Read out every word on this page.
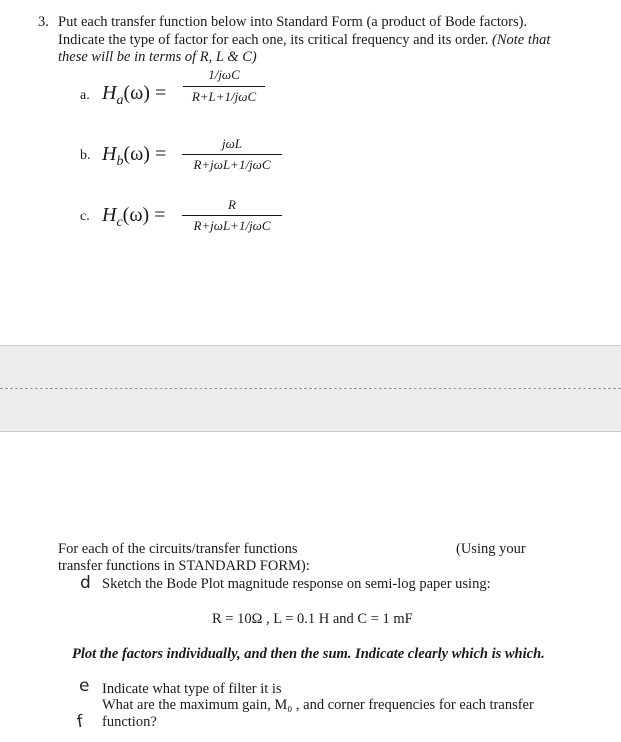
3. Put each transfer function below into Standard Form (a product of Bode factors).
Indicate the type of factor for each one, its critical frequency and its order. (Note that
these will be in terms of R, L & C)
a. $H_a(\omega)$ =
1/jωC
R+L+1/jωC
b. $H_b(\omega)$ =	jωL
R+jωL+1/jωC
c. $H_c(\omega)$ =	R
R+jωL+1/jωC
For each of the circuits/transfer functions	(Using your
transfer functions in STANDARD FORM):
d Sketch the Bode Plot magnitude response on semi-log paper using:
R = 10Ω , L = 0.1 H and C = 1 mF
Plot the factors individually, and then the sum. Indicate clearly which is which.
e Indicate what type of filter it is
What are the maximum gain, M₀ , and corner frequencies for each transfer
f function?
